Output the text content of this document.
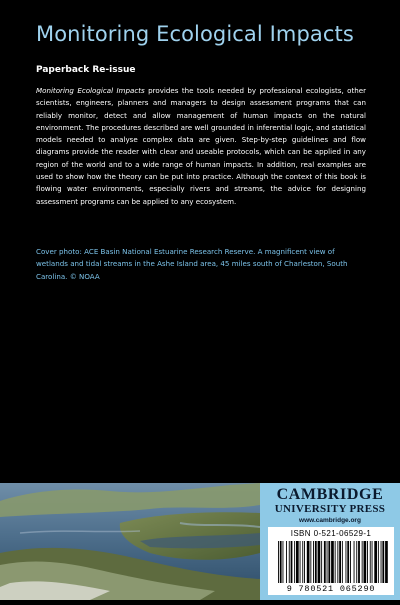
Monitoring Ecological Impacts
Paperback Re-issue

Monitoring Ecological Impacts provides the tools needed by professional ecologists, other scientists, engineers, planners and managers to design assessment programs that can reliably monitor, detect and allow management of human impacts on the natural environment. The procedures described are well grounded in inferential logic, and statistical models needed to analyse complex data are given. Step-by-step guidelines and flow diagrams provide the reader with clear and useable protocols, which can be applied in any region of the world and to a wide range of human impacts. In addition, real examples are used to show how the theory can be put into practice. Although the context of this book is flowing water environments, especially rivers and streams, the advice for designing assessment programs can be applied to any ecosystem.

Cover photo: ACE Basin National Estuarine Research Reserve. A magnificent view of wetlands and tidal streams in the Ashe Island area, 45 miles south of Charleston, South Carolina. © NOAA

CAMBRIDGE
UNIVERSITY PRESS
www.cambridge.org
ISBN 0-521-06529-1
9 780521 065290
